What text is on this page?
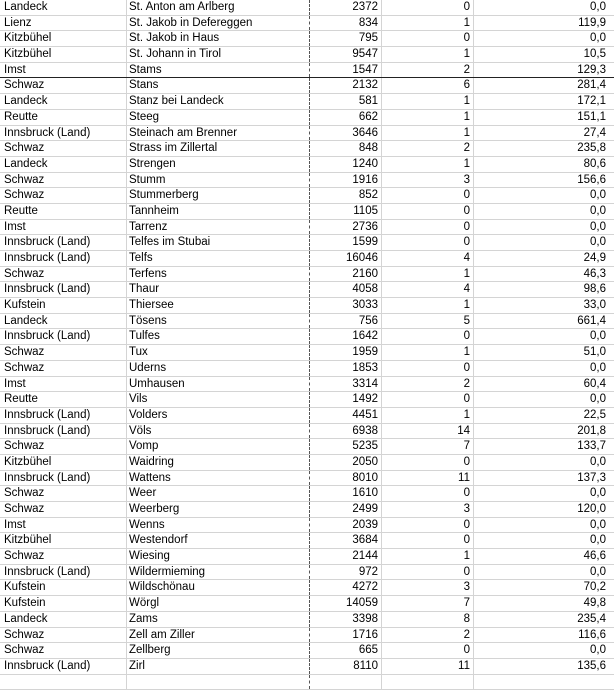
Landeck	St. Anton am Arlberg	2372	0	0,0
Lienz	St. Jakob in Defereggen	834	1	119,9
Kitzbühel	St. Jakob in Haus	795	0	0,0
Kitzbühel	St. Johann in Tirol	9547	1	10,5
Imst	Stams	1547	2	129,3
Schwaz	Stans	2132	6	281,4
Landeck	Stanz bei Landeck	581	1	172,1
Reutte	Steeg	662	1	151,1
Innsbruck (Land)	Steinach am Brenner	3646	1	27,4
Schwaz	Strass im Zillertal	848	2	235,8
Landeck	Strengen	1240	1	80,6
Schwaz	Stumm	1916	3	156,6
Schwaz	Stummerberg	852	0	0,0
Reutte	Tannheim	1105	0	0,0
Imst	Tarrenz	2736	0	0,0
Innsbruck (Land)	Telfes im Stubai	1599	0	0,0
Innsbruck (Land)	Telfs	16046	4	24,9
Schwaz	Terfens	2160	1	46,3
Innsbruck (Land)	Thaur	4058	4	98,6
Kufstein	Thiersee	3033	1	33,0
Landeck	Tösens	756	5	661,4
Innsbruck (Land)	Tulfes	1642	0	0,0
Schwaz	Tux	1959	1	51,0
Schwaz	Uderns	1853	0	0,0
Imst	Umhausen	3314	2	60,4
Reutte	Vils	1492	0	0,0
Innsbruck (Land)	Volders	4451	1	22,5
Innsbruck (Land)	Völs	6938	14	201,8
Schwaz	Vomp	5235	7	133,7
Kitzbühel	Waidring	2050	0	0,0
Innsbruck (Land)	Wattens	8010	11	137,3
Schwaz	Weer	1610	0	0,0
Schwaz	Weerberg	2499	3	120,0
Imst	Wenns	2039	0	0,0
Kitzbühel	Westendorf	3684	0	0,0
Schwaz	Wiesing	2144	1	46,6
Innsbruck (Land)	Wildermieming	972	0	0,0
Kufstein	Wildschönau	4272	3	70,2
Kufstein	Wörgl	14059	7	49,8
Landeck	Zams	3398	8	235,4
Schwaz	Zell am Ziller	1716	2	116,6
Schwaz	Zellberg	665	0	0,0
Innsbruck (Land)	Zirl	8110	11	135,6
